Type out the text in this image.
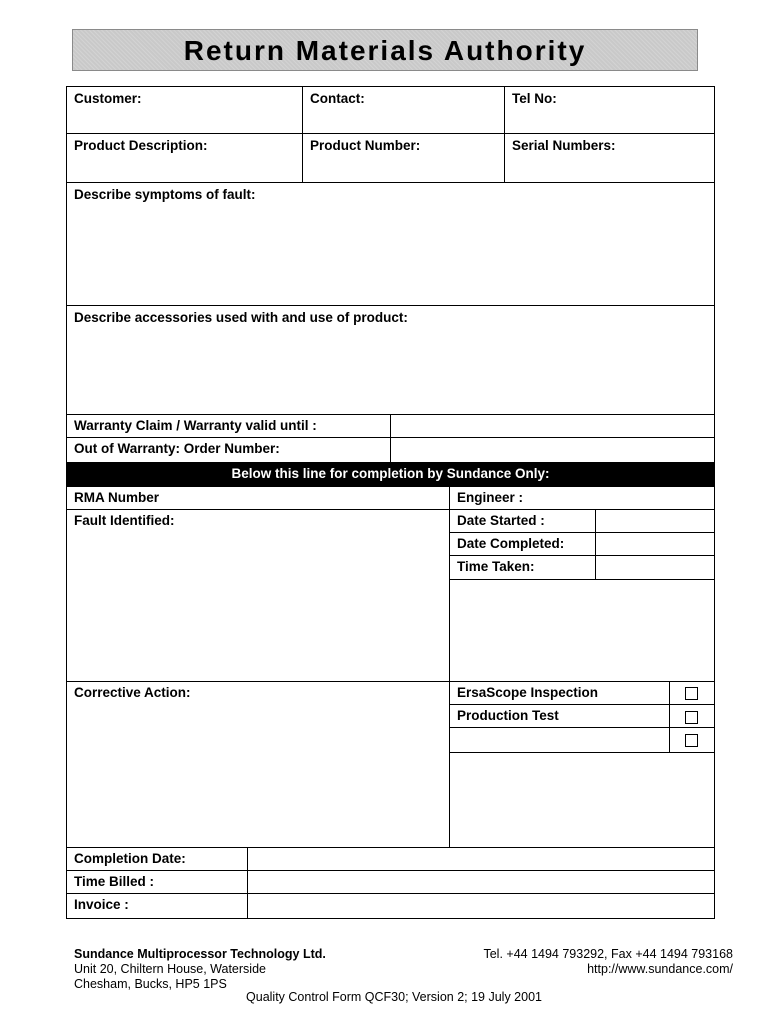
Return Materials Authority
Customer:	Contact:	Tel No:
Product Description:	Product Number:	Serial Numbers:
Describe symptoms of fault:
Describe accessories used with and use of product:
Warranty Claim / Warranty valid until :
Out of Warranty: Order Number:
Below this line for completion by Sundance Only:
RMA Number	Engineer :
Fault Identified:	Date Started :
Date Completed:
Time Taken:
Corrective Action:	ErsaScope Inspection
Production Test
Completion Date:
Time Billed :
Invoice :
Sundance Multiprocessor Technology Ltd.
Unit 20, Chiltern House, Waterside
Chesham, Bucks, HP5 1PS
Tel. +44 1494 793292, Fax +44 1494 793168
http://www.sundance.com/
Quality Control Form QCF30; Version 2; 19 July 2001
